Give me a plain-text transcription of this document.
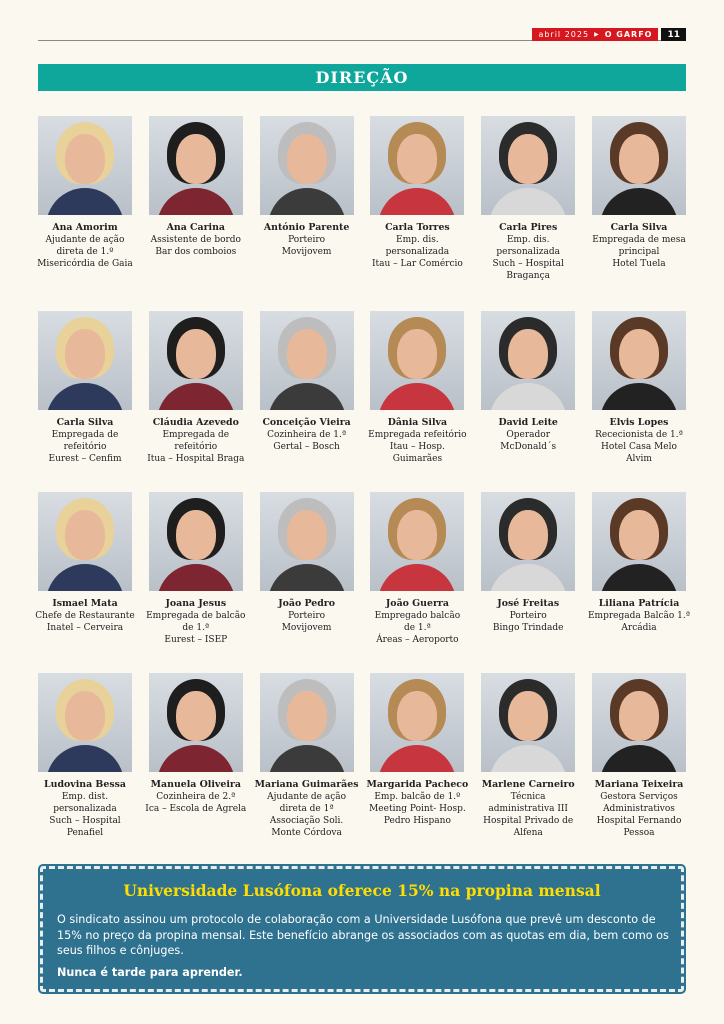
abril 2025 ▶ O GARFO	11
DIREÇÃO
Ana Amorim
Ajudante de ação
direta de 1.º
Misericórdia de Gaia
Ana Carina
Assistente de bordo
Bar dos comboios
António Parente
Porteiro
Movijovem
Carla Torres
Emp. dis.
personalizada
Itau – Lar Comércio
Carla Pires
Emp. dis.
personalizada
Such – Hospital
Bragança
Carla Silva
Empregada de mesa
principal
Hotel Tuela
Carla Silva
Empregada de
refeitório
Eurest – Cenfim
Cláudia Azevedo
Empregada de
refeitório
Itua – Hospital Braga
Conceição Vieira
Cozinheira de 1.ª
Gertal – Bosch
Dânia Silva
Empregada refeitório
Itau – Hosp.
Guimarães
David Leite
Operador
McDonald´s
Elvis Lopes
Rececionista de 1.ª
Hotel Casa Melo
Alvim
Ismael Mata
Chefe de Restaurante
Inatel – Cerveira
Joana Jesus
Empregada de balcão
de 1.ª
Eurest – ISEP
João Pedro
Porteiro
Movijovem
João Guerra
Empregado balcão
de 1.ª
Áreas – Aeroporto
José Freitas
Porteiro
Bingo Trindade
Liliana Patrícia
Empregada Balcão 1.ª
Arcádia
Ludovina Bessa
Emp. dist.
personalizada
Such – Hospital
Penafiel
Manuela Oliveira
Cozinheira de 2.ª
Ica – Escola de Agrela
Mariana Guimarães
Ajudante de ação
direta de 1ª
Associação Soli.
Monte Córdova
Margarida Pacheco
Emp. balcão de 1.º
Meeting Point- Hosp.
Pedro Hispano
Marlene Carneiro
Técnica
administrativa III
Hospital Privado de
Alfena
Mariana Teixeira
Gestora Serviços
Administrativos
Hospital Fernando
Pessoa
Universidade Lusófona oferece 15% na propina mensal
O sindicato assinou um protocolo de colaboração com a Universidade Lusófona que prevê um desconto de 15% no preço da propina mensal. Este benefício abrange os associados com as quotas em dia, bem como os seus filhos e cônjuges.
Nunca é tarde para aprender.
